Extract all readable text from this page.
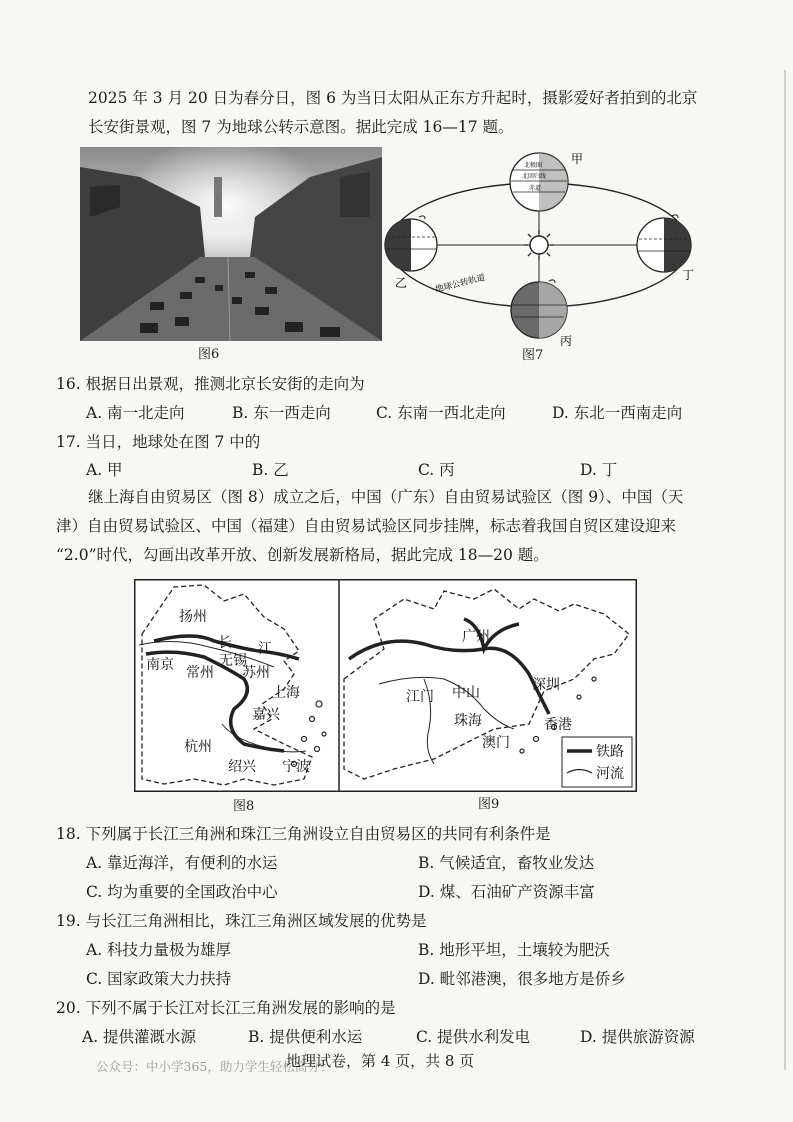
2025 年 3 月 20 日为春分日，图 6 为当日太阳从正东方升起时，摄影爱好者拍到的北京
长安街景观，图 7 为地球公转示意图。据此完成 16—17 题。
图6
北极圈
北回归线
赤道
甲
乙
丙
丁
地球公转轨道
图7
16. 根据日出景观，推测北京长安街的走向为
A. 南一北走向	B. 东一西走向	C. 东南一西北走向	D. 东北一西南走向
17. 当日，地球处在图 7 中的
A. 甲	B. 乙	C. 丙	D. 丁
继上海自由贸易区（图 8）成立之后，中国（广东）自由贸易试验区（图 9）、中国（天
津）自由贸易试验区、中国（福建）自由贸易试验区同步挂牌，标志着我国自贸区建设迎来
“2.0”时代，勾画出改革开放、创新发展新格局，据此完成 18—20 题。
扬州
长 江
南京	无锡
常州 苏州
上海
嘉兴
杭州
绍兴 宁波
广州
江门 中山	深圳
珠海	香港
澳门
铁路
河流
图8	图9
18. 下列属于长江三角洲和珠江三角洲设立自由贸易区的共同有利条件是
A. 靠近海洋，有便利的水运	B. 气候适宜，畜牧业发达
C. 均为重要的全国政治中心	D. 煤、石油矿产资源丰富
19. 与长江三角洲相比，珠江三角洲区域发展的优势是
A. 科技力量极为雄厚	B. 地形平坦，土壤较为肥沃
C. 国家政策大力扶持	D. 毗邻港澳，很多地方是侨乡
20. 下列不属于长江对长江三角洲发展的影响的是
A. 提供灌溉水源	B. 提供便利水运	C. 提供水利发电	D. 提供旅游资源
公众号：中小学365，助力学生轻松高分！
地理试卷，第 4 页，共 8 页
